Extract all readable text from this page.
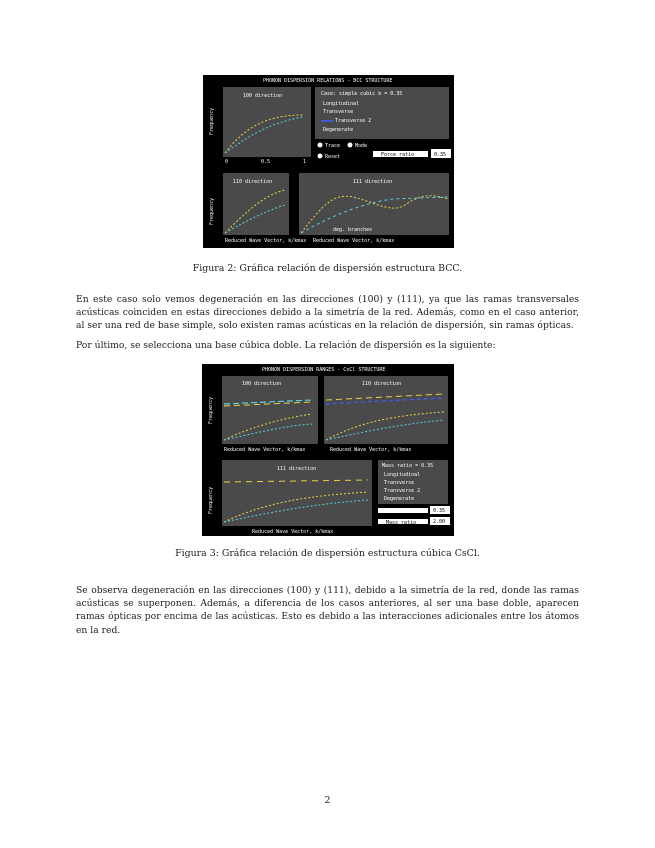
PHONON DISPERSION RELATIONS - BCC STRUCTURE
100 direction
Frequency
0	0.5	1
Case: simple cubic b = 0.35
Longitudinal
Transverse
Transverse 2
Degenerate
Trace	Mode
Reset	Force ratio	0.35
110 direction
Frequency
Reduced Wave Vector, k/kmax
111 direction
deg. branches
Reduced Wave Vector, k/kmax
Figura 2: Gráfica relación de dispersión estructura BCC.
En este caso solo vemos degeneración en las direcciones (100) y (111), ya que las ramas transversales acústicas coinciden en estas direcciones debido a la simetría de la red. Además, como en el caso anterior, al ser una red de base simple, solo existen ramas acústicas en la relación de dispersión, sin ramas ópticas.
Por último, se selecciona una base cúbica doble. La relación de dispersión es la siguiente:
PHONON DISPERSION RANGES - CsCl STRUCTURE
100 direction
Frequency
Reduced Wave Vector, k/kmax
110 direction
Reduced Wave Vector, k/kmax
111 direction
Frequency
Reduced Wave Vector, k/kmax
Mass ratio = 0.35
Longitudinal
Transverse
Transverse 2
Degenerate
0.35
Mass ratio	2.00
Figura 3: Gráfica relación de dispersión estructura cúbica CsCl.
Se observa degeneración en las direcciones (100) y (111), debido a la simetría de la red, donde las ramas acústicas se superponen. Además, a diferencia de los casos anteriores, al ser una base doble, aparecen ramas ópticas por encima de las acústicas. Esto es debido a las interacciones adicionales entre los átomos en la red.
2
